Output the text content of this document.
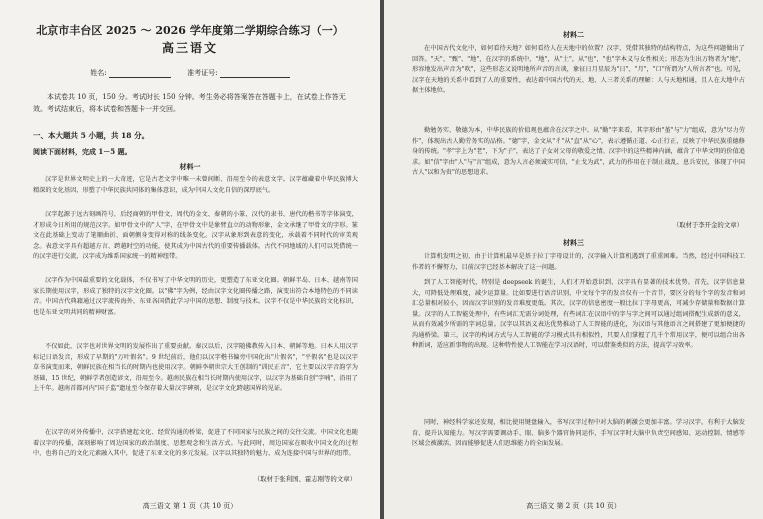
北京市丰台区 2025 ～ 2026 学年度第二学期综合练习（一）
高三语文
姓名:	准考证号:
本试卷共 10 页，150 分。考试时长 150 分钟。考生务必将答案答在答题卡上，在试卷上作答无效。考试结束后，将本试卷和答题卡一并交回。
一、本大题共 5 小题，共 18 分。
阅读下面材料，完成 1－5 题。
材料一
汉字是世界文明史上的一大奇迹，它是古老文字中唯一未曾间断、沿用至今的表意文字。汉字蕴藏着中华民族博大精深的文化基因，形塑了中华民族共同体的集体意识，成为中国人文化自信的深厚底气。
汉字起源于远古刻画符号，后经商朝的甲骨文、周代的金文、秦朝的小篆、汉代的隶书、唐代的楷书等字体演变，才形成今日所用的规范汉字。如甲骨文中的"人"字，在甲骨文中是象臂直立的动物形象，金文承继了甲骨文的字形。篆文在此基础上变动了笔顺曲折、面朝侧身变得对称的线条变化。汉字从象形到表意的变化，承载着不同时代的审美观念。表意文字具有超越方言、跨越时空的功能，使其成为中国古代的重要传播载体。古代不同地域的人们可以凭借统一的汉字进行交流，汉字成为维系国家统一的精神纽带。
汉字作为中国最重要的文化载体，不仅书写了中华文明的历史，更塑造了东亚文化圈。朝鲜半岛、日本、越南等国家长期使用汉字，形成了独特的汉字文化圈。以"佛"字为例，经由汉字文化圈传播之路，演变出符合本地特色的不同读音。中国古代典籍通过汉字流传海外，东亚各国借此学习中国的思想、制度与技术。汉字不仅是中华民族的文化标识，也是东亚文明共同的精神财富。
不仅如此，汉字也对世界文明的发展作出了重要贡献。秦汉以后，汉字随佛教传入日本、朝鲜等地。日本人用汉字标记日语发音，形成了早期的"万叶假名"。9 世纪前后，他们以汉字楷书偏旁中国化出"片假名"，"平假名"也是以汉字草书演变而来，朝鲜民族在相当长的时期内也使用汉字。朝鲜李朝世宗大王创制的"训民正音"，它主要以汉字音韵学为基础，15 世纪，朝鲜学者创造谚文，沿用至今。越南民族在相当长时期内使用汉字，以汉字为基础自创"字喃"，沿用了上千年。越南首都河内"国子监"遗址至今保存着大量汉字碑刻，是汉字文化跨越国界的见证。
在汉字的对外传播中，汉字搭建起文化、经贸沟通的桥梁，促进了不同国家与民族之间的交往交流。中国文化也随着汉字的传播，深刻影响了周边国家的政治制度、思想观念和生活方式。与此同时，周边国家在吸收中国文化的过程中，也将自己的文化元素融入其中，促进了东亚文化的多元发展。汉字以其独特的魅力，成为连接中国与世界的纽带。
（取材于张利国、霍志刚等的文章）
高三语文 第 1 页（共 10 页）
材料二
在中国古代文化中，如何看待天地？如何看待人在天地中的位置？汉字，凭借其独特的结构特点，为这些问题做出了回答。"天"、"甄"、"地"，在汉字的系统中，"地"，从"土"，从"也"，"也"字本义与女性相关；形态为生出万物者为"地"，形容地发出声音为"吹"，这些形态又说明地所声音的言谈，象征日月星辰为"日"、"月"，"口"所谓为"人所言者"也。可见，汉字在天地的关系中看到了人的重要性，表达着中国古代的天、地、人三者关系的理解：人与天地相通，且人在大地中占据主体地位。
勤勉务实、敬德为本，中华民族的价值观也蕴含在汉字之中。从"勤"字来看，其字形由"堇"与"力"组成，意为"尽力劳作"，体现出古人勤劳务实的品格。"德"字，金文从"彳"从"直"从"心"，表示遵循正道、心正行正，反映了中华民族重德修身的传统。"孝"字上为"老"，下为"子"，表达了子女对父母的敬爱之情。汉字中的这些精神内涵，蕴含了中华文明的价值追求。如"信"字由"人"与"言"组成，意为人言必须诚实可信，"止戈为武"，武力的作用在于制止战乱、息兵安民，体现了中国古人"以和为贵"的思想追求。
（取材于李开金的文章）
材料三
计算机发明之初，由于计算机最早是基于拉丁字母设计的，汉字输入计算机遇到了重重困难。当然，经过中国科技工作者的不懈努力，目前汉字已经基本解决了这一问题。
到了人工智能时代，特别是 deepseek 的诞生，人们才开始意识到，汉字具有显著的技术优势。首先，汉字信息量大，可降低处理难度，减少运算量。比如要进行语音识别，中文每个字的发音仅有一个音节，要区分的每个字的发音和词汇总量相对较小，因而汉字识别的发音难度更低。其次，汉字的信息密度一般比拉丁字母更高，可减少存储量和数据计算量。汉字的人工智能处理中，有些词汇无需分词处理，有些词汇在汉语中的字与字之间可以通过组词搭配生成新的意义，从而有效减少所需的字词总量。汉字以其语义表达优势推动了人工智能的进化，为汉语与其他语言之间搭建了更加便捷的沟通桥梁。第三，汉字的构词方式与人工智能的学习模式具有相似性，只要人们掌握了几千个常用汉字，便可以组合出各种新词，适应新事物的出现。这种特性使人工智能在学习汉语时，可以借鉴类似的方法，提高学习效率。
同时，神经科学家还发现，相比使用键盘输入，书写汉字过程中对大脑的刺激会更加丰富。学习汉字，有利于大脑发育、提升认知能力。写汉字需要调动手、眼、脑多个器官协同运作，手写汉字时大脑中负责空间感知、运动控制、情感等区域会被激活，因而能够促进人们思维能力的全面发展。
高三语文 第 2 页（共 10 页）
